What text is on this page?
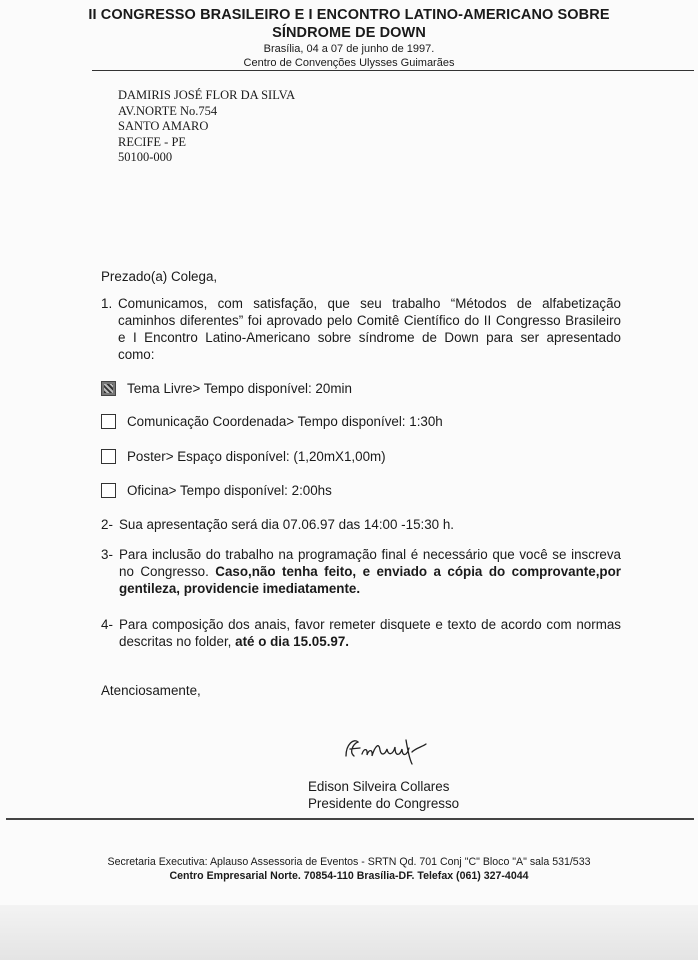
II CONGRESSO BRASILEIRO E I ENCONTRO LATINO-AMERICANO SOBRE
SÍNDROME DE DOWN
Brasília, 04 a 07 de junho de 1997.
Centro de Convenções Ulysses Guimarães
DAMIRIS JOSÉ FLOR DA SILVA
AV.NORTE No.754
SANTO AMARO
RECIFE - PE
50100-000
Prezado(a) Colega,
1. Comunicamos, com satisfação, que seu trabalho “Métodos de alfabetização caminhos diferentes” foi aprovado pelo Comitê Científico do II Congresso Brasileiro e I Encontro Latino-Americano sobre síndrome de Down para ser apresentado como:
Tema Livre> Tempo disponível: 20min
Comunicação Coordenada> Tempo disponível: 1:30h
Poster> Espaço disponível: (1,20mX1,00m)
Oficina> Tempo disponível: 2:00hs
2- Sua apresentação será dia 07.06.97 das 14:00 -15:30 h.
3- Para inclusão do trabalho na programação final é necessário que você se inscreva no Congresso. Caso,não tenha feito, e enviado a cópia do comprovante,por gentileza, providencie imediatamente.
4- Para composição dos anais, favor remeter disquete e texto de acordo com normas descritas no folder, até o dia 15.05.97.
Atenciosamente,
Edison Silveira Collares
Presidente do Congresso
Secretaria Executiva: Aplauso Assessoria de Eventos - SRTN Qd. 701 Conj "C" Bloco "A" sala 531/533
Centro Empresarial Norte. 70854-110 Brasília-DF. Telefax (061) 327-4044
